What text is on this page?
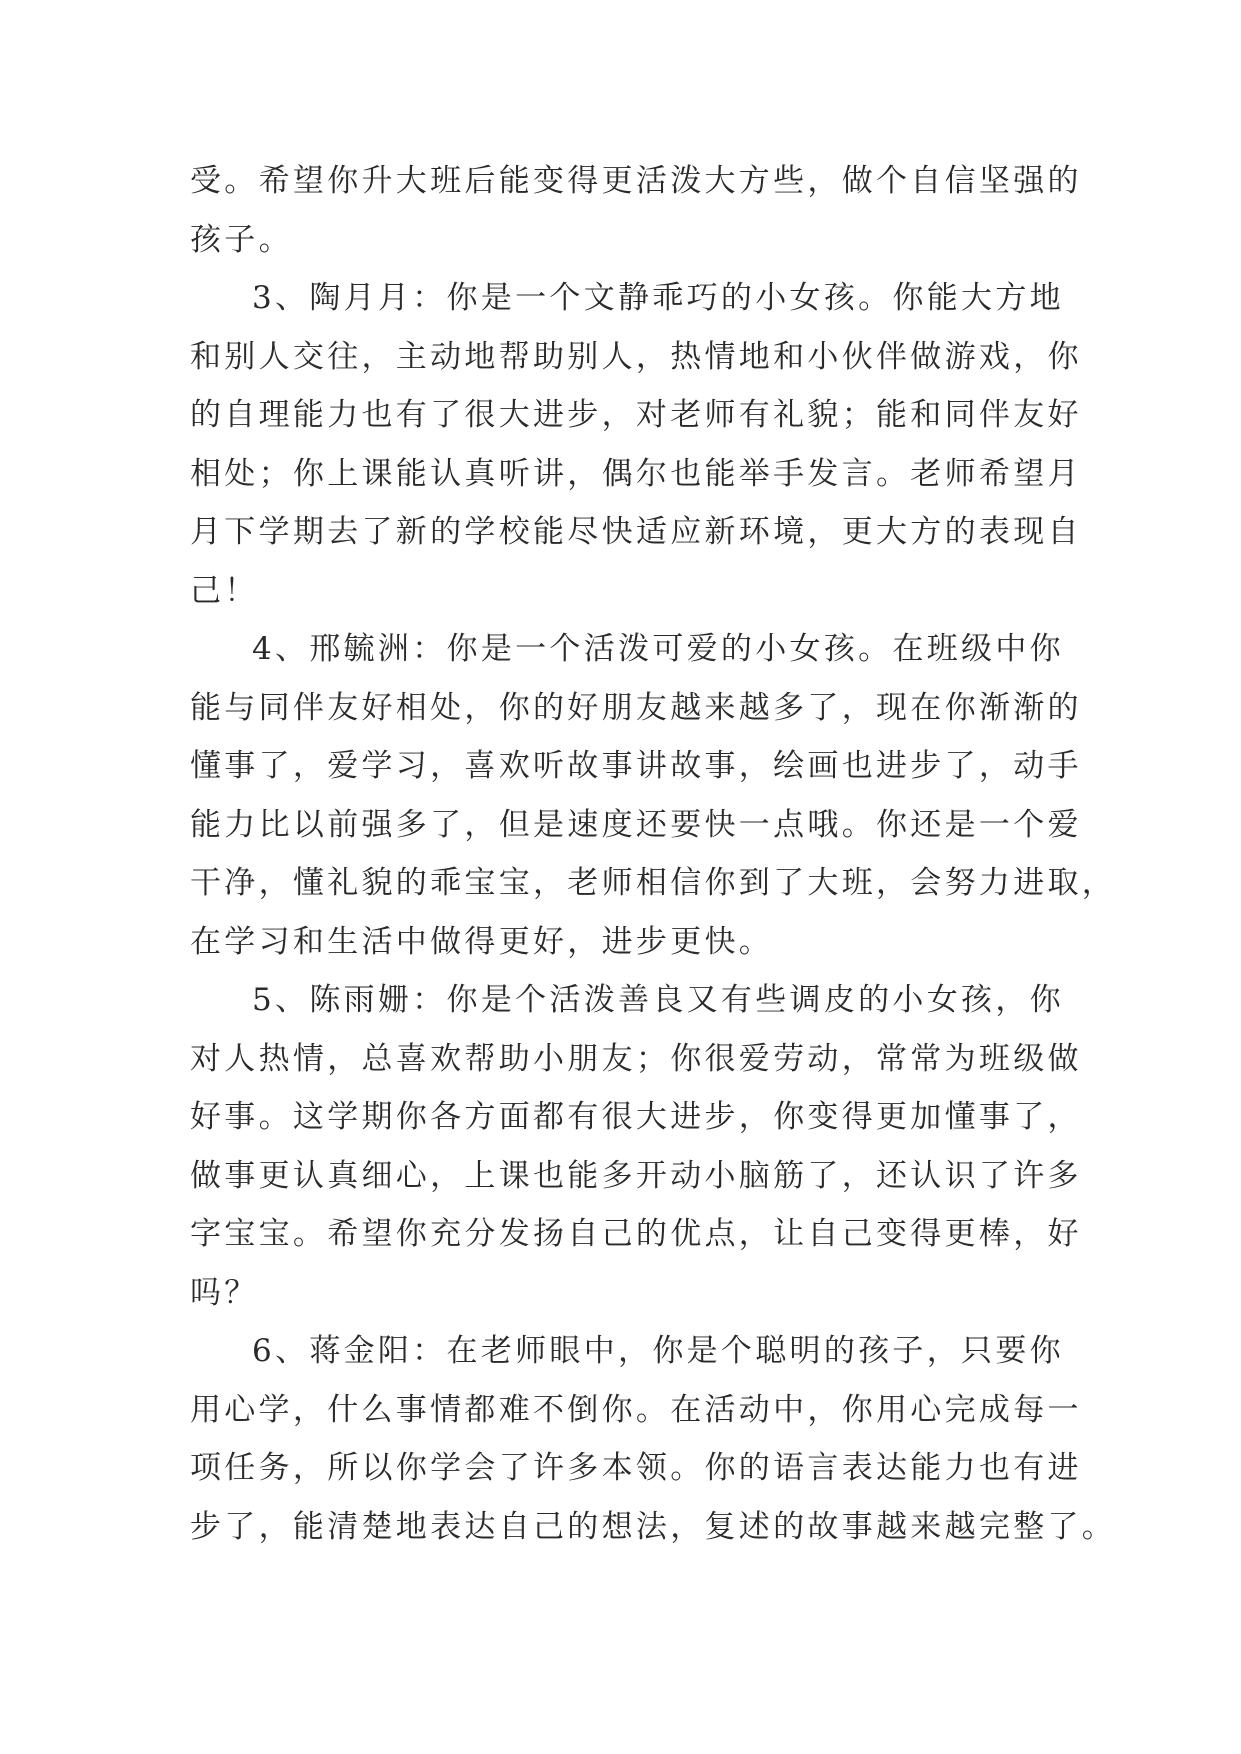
受。希望你升大班后能变得更活泼大方些，做个自信坚强的
孩子。
3、陶月月：你是一个文静乖巧的小女孩。你能大方地
和别人交往，主动地帮助别人，热情地和小伙伴做游戏，你
的自理能力也有了很大进步，对老师有礼貌；能和同伴友好
相处；你上课能认真听讲，偶尔也能举手发言。老师希望月
月下学期去了新的学校能尽快适应新环境，更大方的表现自
己！
4、邢毓洲：你是一个活泼可爱的小女孩。在班级中你
能与同伴友好相处，你的好朋友越来越多了，现在你渐渐的
懂事了，爱学习，喜欢听故事讲故事，绘画也进步了，动手
能力比以前强多了，但是速度还要快一点哦。你还是一个爱
干净，懂礼貌的乖宝宝，老师相信你到了大班，会努力进取，
在学习和生活中做得更好，进步更快。
5、陈雨姗：你是个活泼善良又有些调皮的小女孩，你
对人热情，总喜欢帮助小朋友；你很爱劳动，常常为班级做
好事。这学期你各方面都有很大进步，你变得更加懂事了，
做事更认真细心，上课也能多开动小脑筋了，还认识了许多
字宝宝。希望你充分发扬自己的优点，让自己变得更棒，好
吗？
6、蒋金阳：在老师眼中，你是个聪明的孩子，只要你
用心学，什么事情都难不倒你。在活动中，你用心完成每一
项任务，所以你学会了许多本领。你的语言表达能力也有进
步了，能清楚地表达自己的想法，复述的故事越来越完整了。
